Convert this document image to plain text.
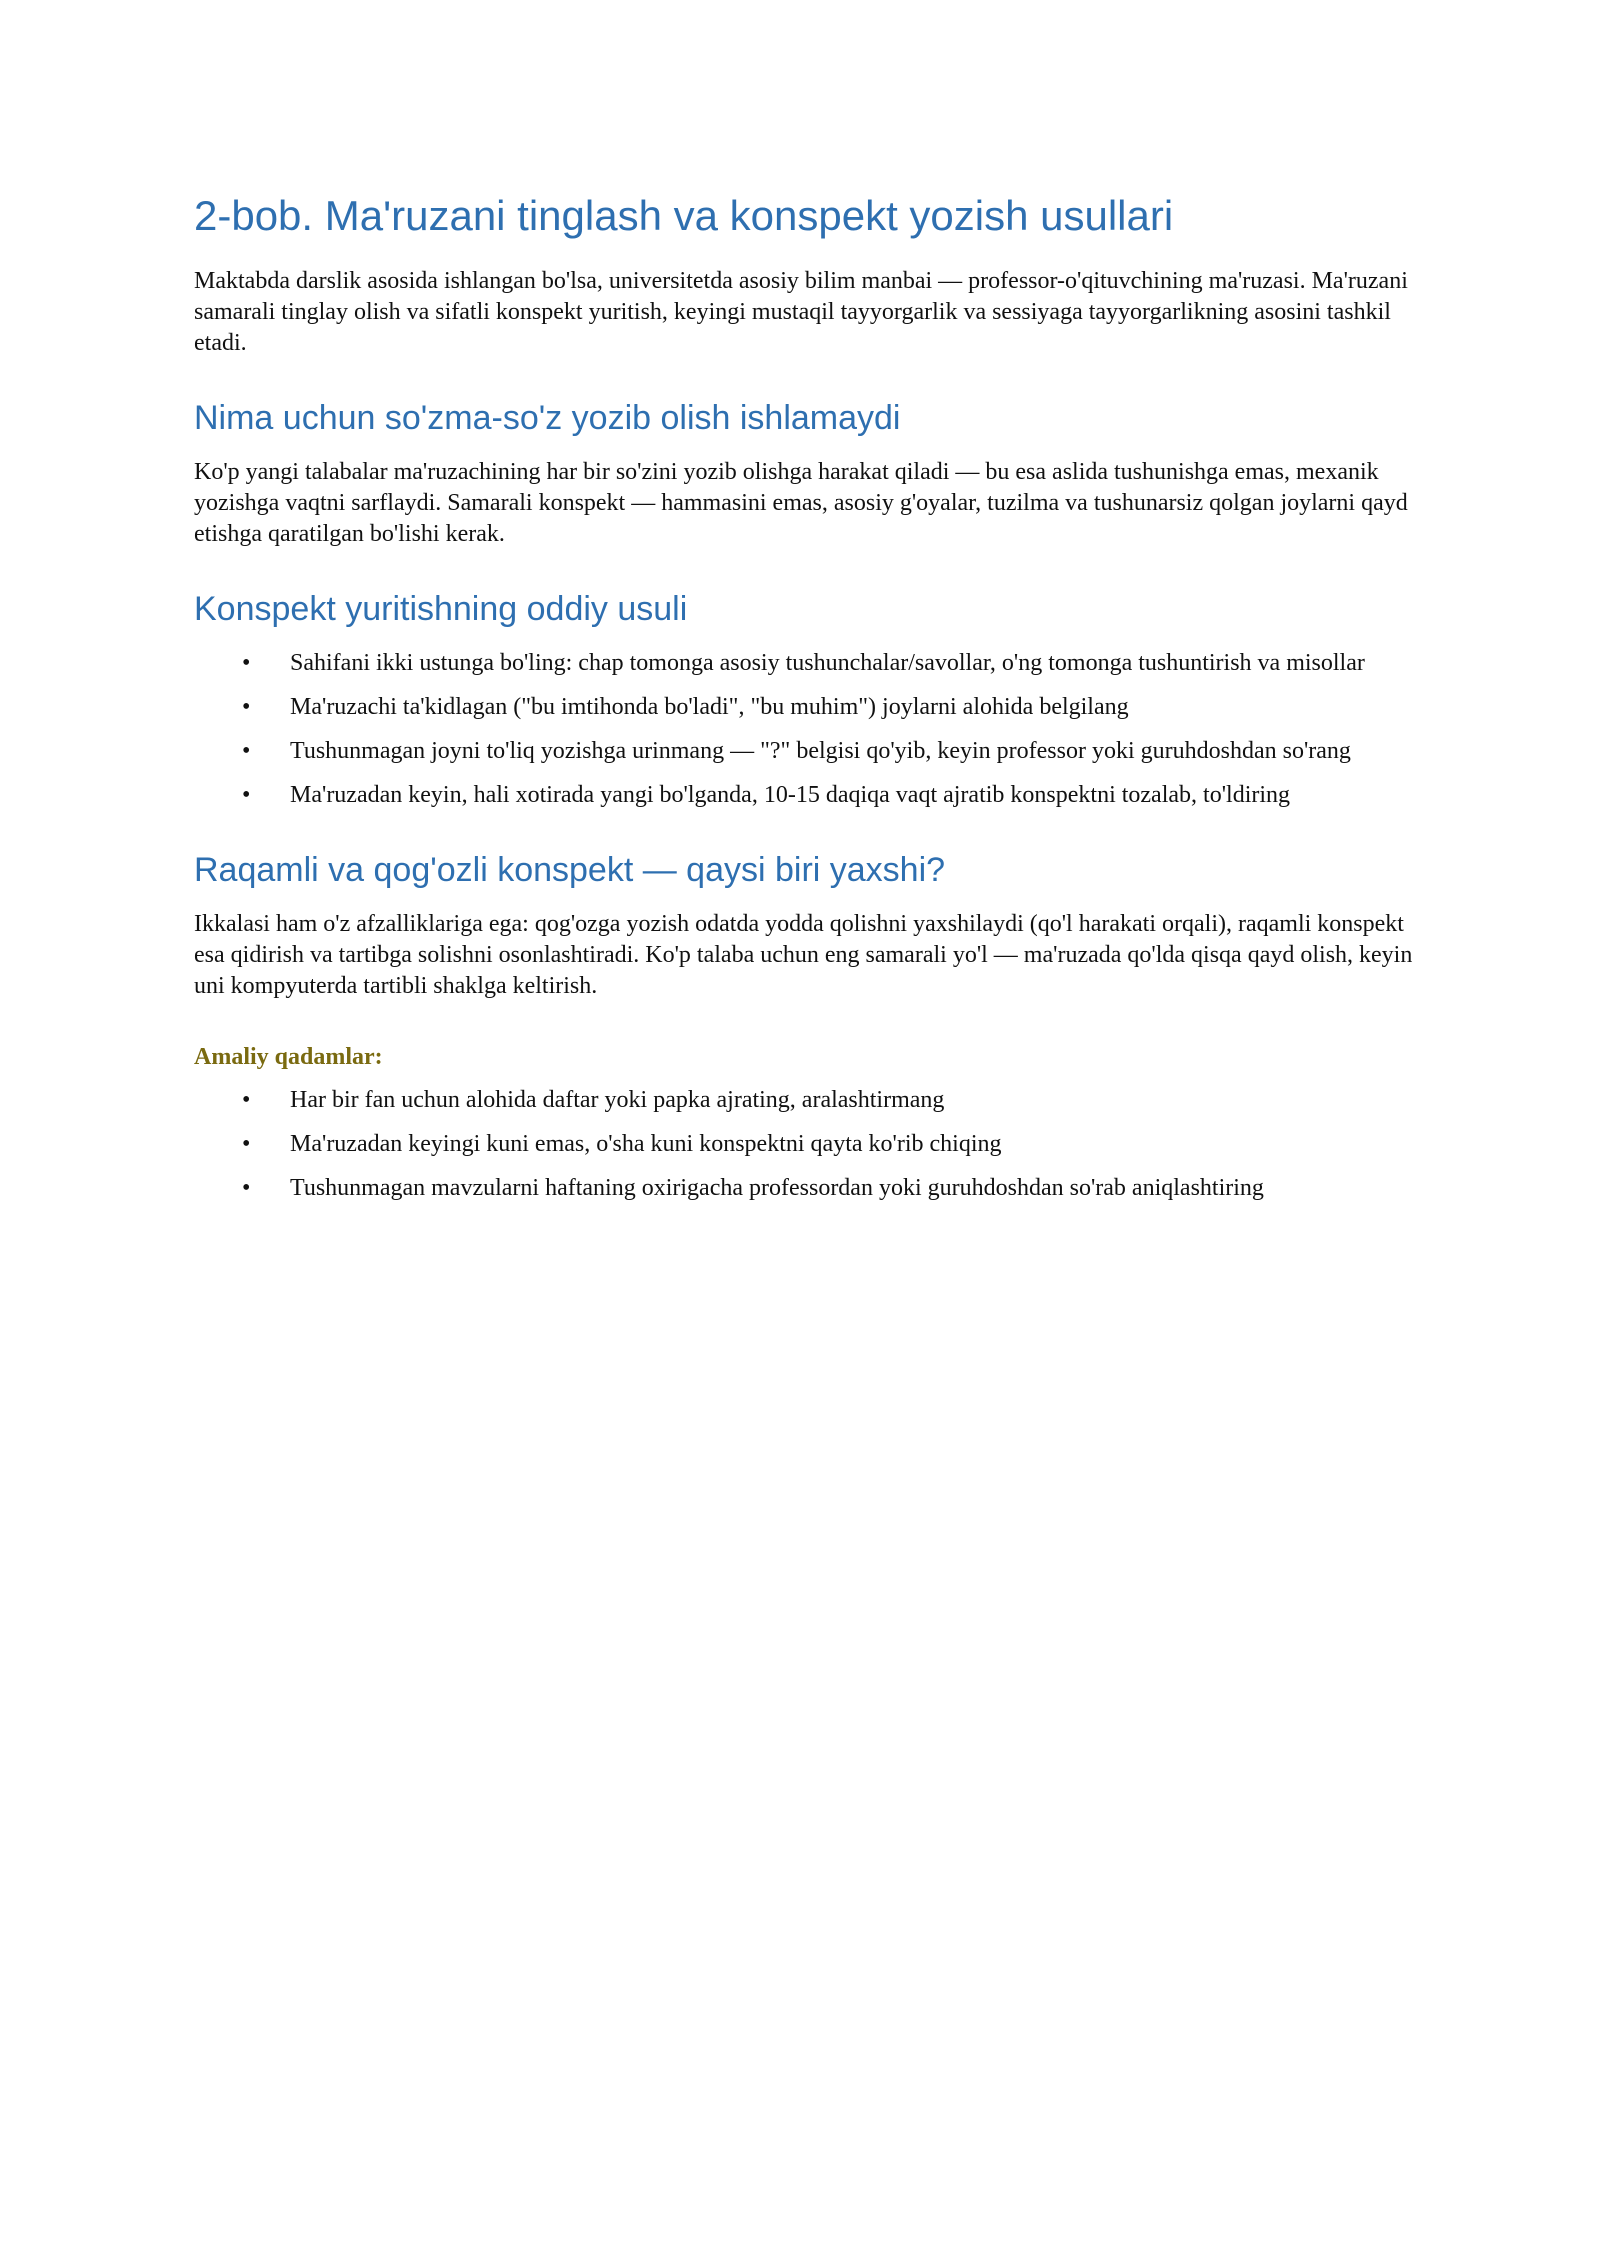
2-bob. Ma'ruzani tinglash va konspekt yozish usullari

Maktabda darslik asosida ishlangan bo'lsa, universitetda asosiy bilim manbai — professor-o'qituvchining ma'ruzasi. Ma'ruzani samarali tinglay olish va sifatli konspekt yuritish, keyingi mustaqil tayyorgarlik va sessiyaga tayyorgarlikning asosini tashkil etadi.

Nima uchun so'zma-so'z yozib olish ishlamaydi

Ko'p yangi talabalar ma'ruzachining har bir so'zini yozib olishga harakat qiladi — bu esa aslida tushunishga emas, mexanik yozishga vaqtni sarflaydi. Samarali konspekt — hammasini emas, asosiy g'oyalar, tuzilma va tushunarsiz qolgan joylarni qayd etishga qaratilgan bo'lishi kerak.

Konspekt yuritishning oddiy usuli
• Sahifani ikki ustunga bo'ling: chap tomonga asosiy tushunchalar/savollar, o'ng tomonga tushuntirish va misollar
• Ma'ruzachi ta'kidlagan ("bu imtihonda bo'ladi", "bu muhim") joylarni alohida belgilang
• Tushunmagan joyni to'liq yozishga urinmang — "?" belgisi qo'yib, keyin professor yoki guruhdoshdan so'rang
• Ma'ruzadan keyin, hali xotirada yangi bo'lganda, 10-15 daqiqa vaqt ajratib konspektni tozalab, to'ldiring
Raqamli va qog'ozli konspekt — qaysi biri yaxshi?

Ikkalasi ham o'z afzalliklariga ega: qog'ozga yozish odatda yodda qolishni yaxshilaydi (qo'l harakati orqali), raqamli konspekt esa qidirish va tartibga solishni osonlashtiradi. Ko'p talaba uchun eng samarali yo'l — ma'ruzada qo'lda qisqa qayd olish, keyin uni kompyuterda tartibli shaklga keltirish.

Amaliy qadamlar:

• Har bir fan uchun alohida daftar yoki papka ajrating, aralashtirmang
• Ma'ruzadan keyingi kuni emas, o'sha kuni konspektni qayta ko'rib chiqing
• Tushunmagan mavzularni haftaning oxirigacha professordan yoki guruhdoshdan so'rab aniqlashtiring
